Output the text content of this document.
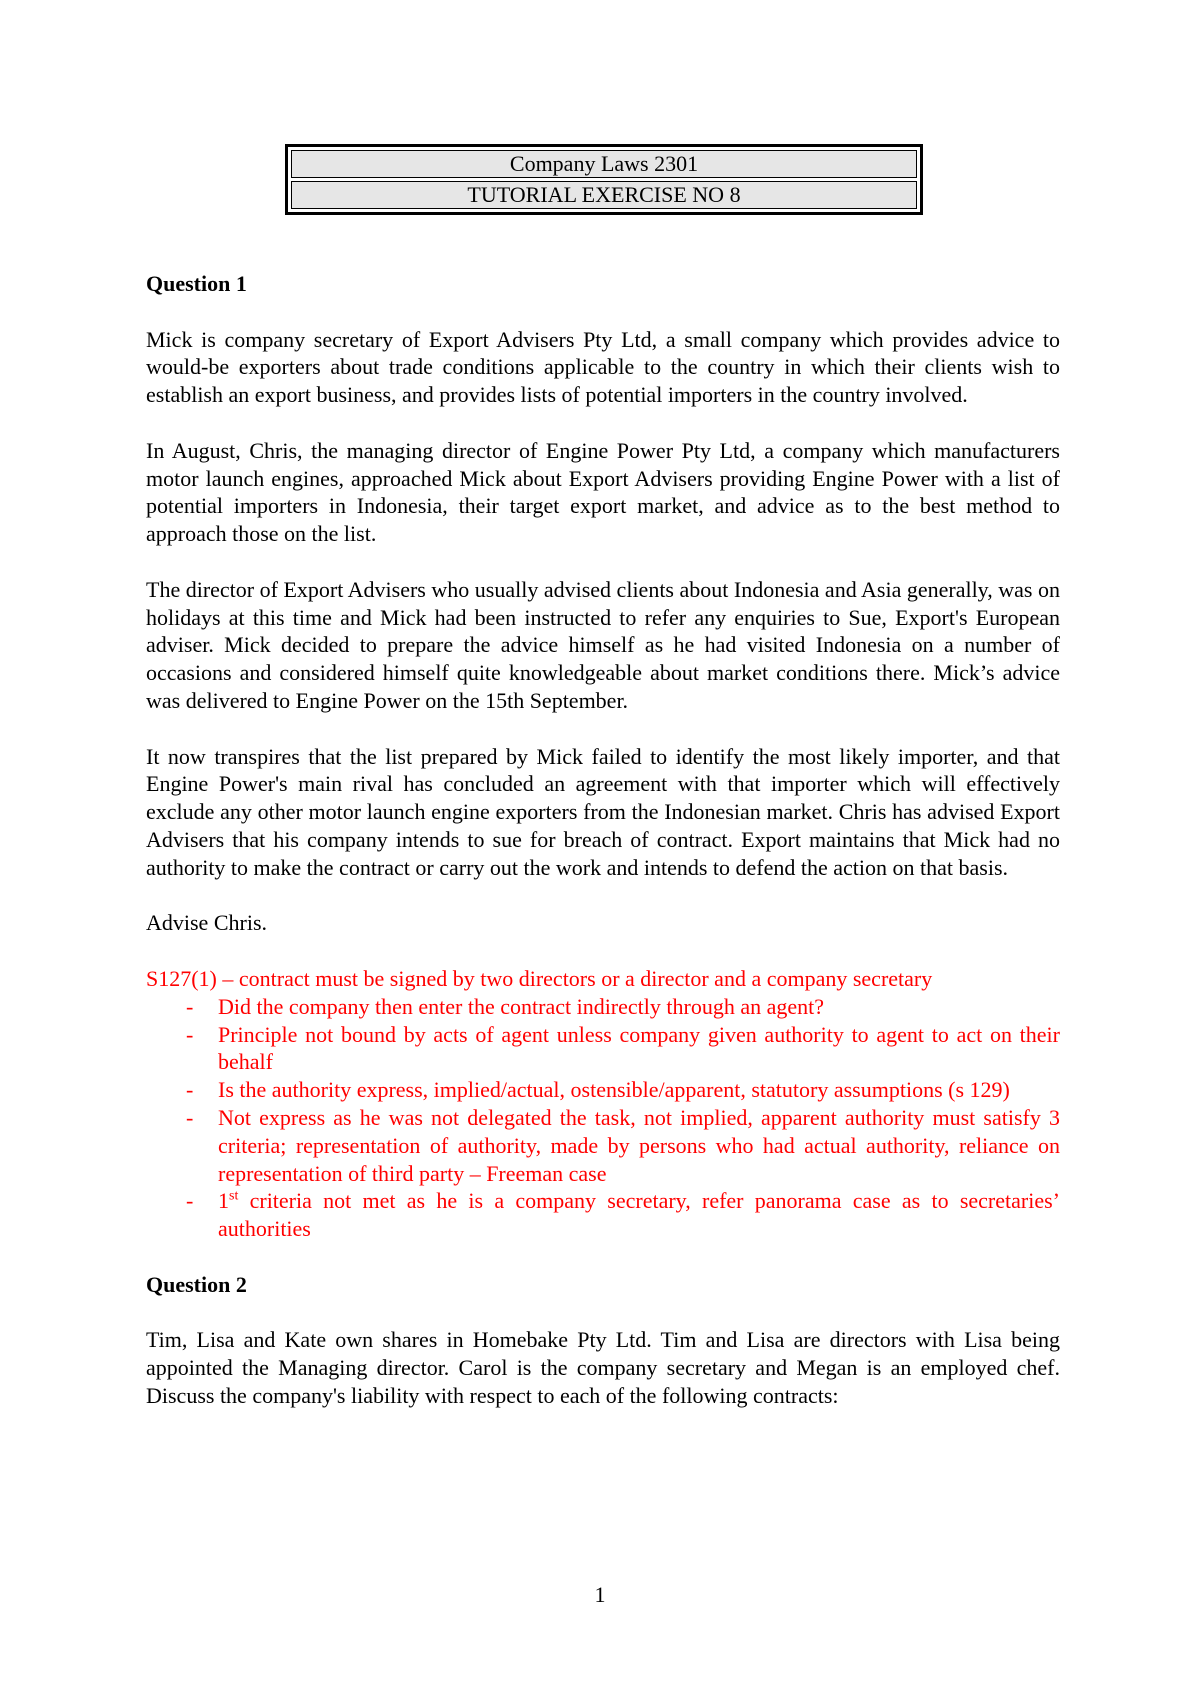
Company Laws 2301
TUTORIAL EXERCISE NO 8
Question 1

Mick is company secretary of Export Advisers Pty Ltd, a small company which provides advice to would-be exporters about trade conditions applicable to the country in which their clients wish to establish an export business, and provides lists of potential importers in the country involved.

In August, Chris, the managing director of Engine Power Pty Ltd, a company which manufacturers motor launch engines, approached Mick about Export Advisers providing Engine Power with a list of potential importers in Indonesia, their target export market, and advice as to the best method to approach those on the list.

The director of Export Advisers who usually advised clients about Indonesia and Asia generally, was on holidays at this time and Mick had been instructed to refer any enquiries to Sue, Export's European adviser. Mick decided to prepare the advice himself as he had visited Indonesia on a number of occasions and considered himself quite knowledgeable about market conditions there. Mick’s advice was delivered to Engine Power on the 15th September.

It now transpires that the list prepared by Mick failed to identify the most likely importer, and that Engine Power's main rival has concluded an agreement with that importer which will effectively exclude any other motor launch engine exporters from the Indonesian market. Chris has advised Export Advisers that his company intends to sue for breach of contract. Export maintains that Mick had no authority to make the contract or carry out the work and intends to defend the action on that basis.

Advise Chris.

S127(1) – contract must be signed by two directors or a director and a company secretary
- Did the company then enter the contract indirectly through an agent?
- Principle not bound by acts of agent unless company given authority to agent to act on their behalf
- Is the authority express, implied/actual, ostensible/apparent, statutory assumptions (s 129)
- Not express as he was not delegated the task, not implied, apparent authority must satisfy 3 criteria; representation of authority, made by persons who had actual authority, reliance on representation of third party – Freeman case
- 1st criteria not met as he is a company secretary, refer panorama case as to secretaries’ authorities
Question 2

Tim, Lisa and Kate own shares in Homebake Pty Ltd. Tim and Lisa are directors with Lisa being appointed the Managing director. Carol is the company secretary and Megan is an employed chef. Discuss the company's liability with respect to each of the following contracts:

1
